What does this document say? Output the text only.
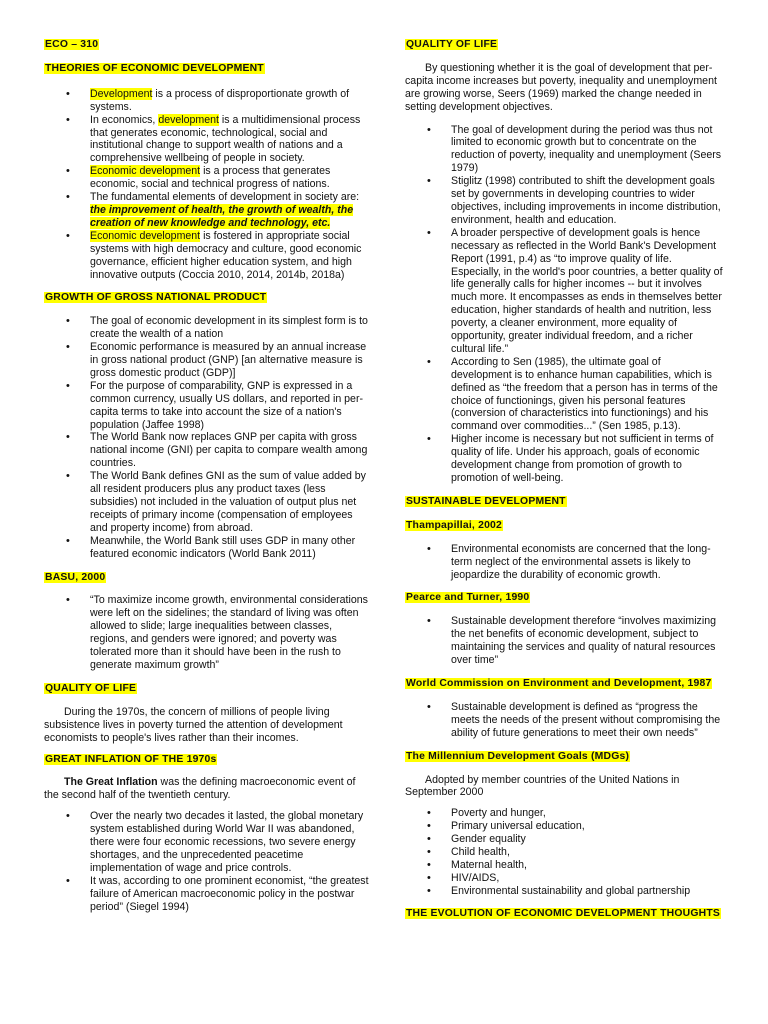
ECO – 310
THEORIES OF ECONOMIC DEVELOPMENT
• Development is a process of disproportionate growth of systems.
• In economics, development is a multidimensional process that generates economic, technological, social and institutional change to support wealth of nations and a comprehensive wellbeing of people in society.
• Economic development is a process that generates economic, social and technical progress of nations.
• The fundamental elements of development in society are: the improvement of health, the growth of wealth, the creation of new knowledge and technology, etc.
• Economic development is fostered in appropriate social systems with high democracy and culture, good economic governance, efficient higher education system, and high innovative outputs (Coccia 2010, 2014, 2014b, 2018a)
GROWTH OF GROSS NATIONAL PRODUCT
• The goal of economic development in its simplest form is to create the wealth of a nation
• Economic performance is measured by an annual increase in gross national product (GNP) [an alternative measure is gross domestic product (GDP)]
• For the purpose of comparability, GNP is expressed in a common currency, usually US dollars, and reported in per-capita terms to take into account the size of a nation's population (Jaffee 1998)
• The World Bank now replaces GNP per capita with gross national income (GNI) per capita to compare wealth among countries.
• The World Bank defines GNI as the sum of value added by all resident producers plus any product taxes (less subsidies) not included in the valuation of output plus net receipts of primary income (compensation of employees and property income) from abroad.
• Meanwhile, the World Bank still uses GDP in many other featured economic indicators (World Bank 2011)
BASU, 2000
• “To maximize income growth, environmental considerations were left on the sidelines; the standard of living was often allowed to slide; large inequalities between classes, regions, and genders were ignored; and poverty was tolerated more than it should have been in the rush to generate maximum growth”
QUALITY OF LIFE

During the 1970s, the concern of millions of people living subsistence lives in poverty turned the attention of development economists to people's lives rather than their incomes.

GREAT INFLATION OF THE 1970s

The Great Inflation was the defining macroeconomic event of the second half of the twentieth century.

• Over the nearly two decades it lasted, the global monetary system established during World War II was abandoned, there were four economic recessions, two severe energy shortages, and the unprecedented peacetime implementation of wage and price controls.
• It was, according to one prominent economist, “the greatest failure of American macroeconomic policy in the postwar period” (Siegel 1994)
QUALITY OF LIFE

By questioning whether it is the goal of development that per-capita income increases but poverty, inequality and unemployment are growing worse, Seers (1969) marked the change needed in setting development objectives.

• The goal of development during the period was thus not limited to economic growth but to concentrate on the reduction of poverty, inequality and unemployment (Seers 1979)
• Stiglitz (1998) contributed to shift the development goals set by governments in developing countries to wider objectives, including improvements in income distribution, environment, health and education.
• A broader perspective of development goals is hence necessary as reflected in the World Bank's Development Report (1991, p.4) as “to improve quality of life. Especially, in the world's poor countries, a better quality of life generally calls for higher incomes -- but it involves much more. It encompasses as ends in themselves better education, higher standards of health and nutrition, less poverty, a cleaner environment, more equality of opportunity, greater individual freedom, and a richer cultural life.”
• According to Sen (1985), the ultimate goal of development is to enhance human capabilities, which is defined as “the freedom that a person has in terms of the choice of functionings, given his personal features (conversion of characteristics into functionings) and his command over commodities...” (Sen 1985, p.13).
• Higher income is necessary but not sufficient in terms of quality of life. Under his approach, goals of economic development change from promotion of growth to promotion of well-being.
SUSTAINABLE DEVELOPMENT
Thampapillai, 2002
• Environmental economists are concerned that the long-term neglect of the environmental assets is likely to jeopardize the durability of economic growth.
Pearce and Turner, 1990
• Sustainable development therefore “involves maximizing the net benefits of economic development, subject to maintaining the services and quality of natural resources over time”
World Commission on Environment and Development, 1987
• Sustainable development is defined as “progress the meets the needs of the present without compromising the ability of future generations to meet their own needs”
The Millennium Development Goals (MDGs)

Adopted by member countries of the United Nations in September 2000

• Poverty and hunger,
• Primary universal education,
• Gender equality
• Child health,
• Maternal health,
• HIV/AIDS,
• Environmental sustainability and global partnership
THE EVOLUTION OF ECONOMIC DEVELOPMENT THOUGHTS
